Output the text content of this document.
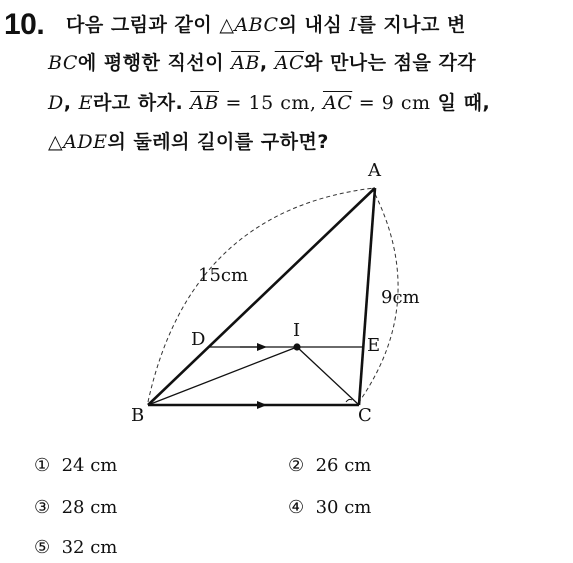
10. 다음 그림과 같이 △ABC의 내심 I를 지나고 변
BC에 평행한 직선이 $\overline{AB}$, $\overline{AC}$와 만나는 점을 각각
D, E라고 하자. $\overline{AB} = 15$ cm, $\overline{AC} = 9$ cm 일 때,
△ADE의 둘레의 길이를 구하면?
A
B	C
D	E
I
15cm
9cm
① 24 cm	② 26 cm
③ 28 cm	④ 30 cm
⑤ 32 cm
